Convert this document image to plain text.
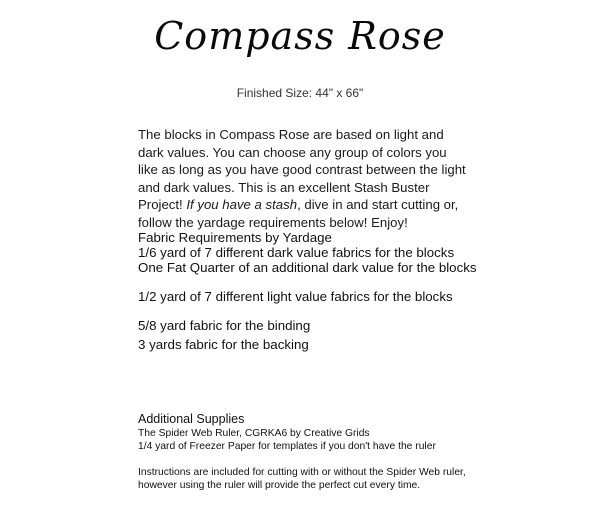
Compass Rose
Finished Size: 44" x 66"
The blocks in Compass Rose are based on light and dark values. You can choose any group of colors you like as long as you have good contrast between the light and dark values. This is an excellent Stash Buster Project! If you have a stash, dive in and start cutting or, follow the yardage requirements below! Enjoy!
Fabric Requirements by Yardage
1/6 yard of 7 different dark value fabrics for the blocks
One Fat Quarter of an additional dark value for the blocks
1/2 yard of 7 different light value fabrics for the blocks
5/8 yard fabric for the binding
3 yards fabric for the backing
Additional Supplies
The Spider Web Ruler, CGRKA6 by Creative Grids
1/4 yard of Freezer Paper for templates if you don't have the ruler
Instructions are included for cutting with or without the Spider Web ruler,
however using the ruler will provide the perfect cut every time.
